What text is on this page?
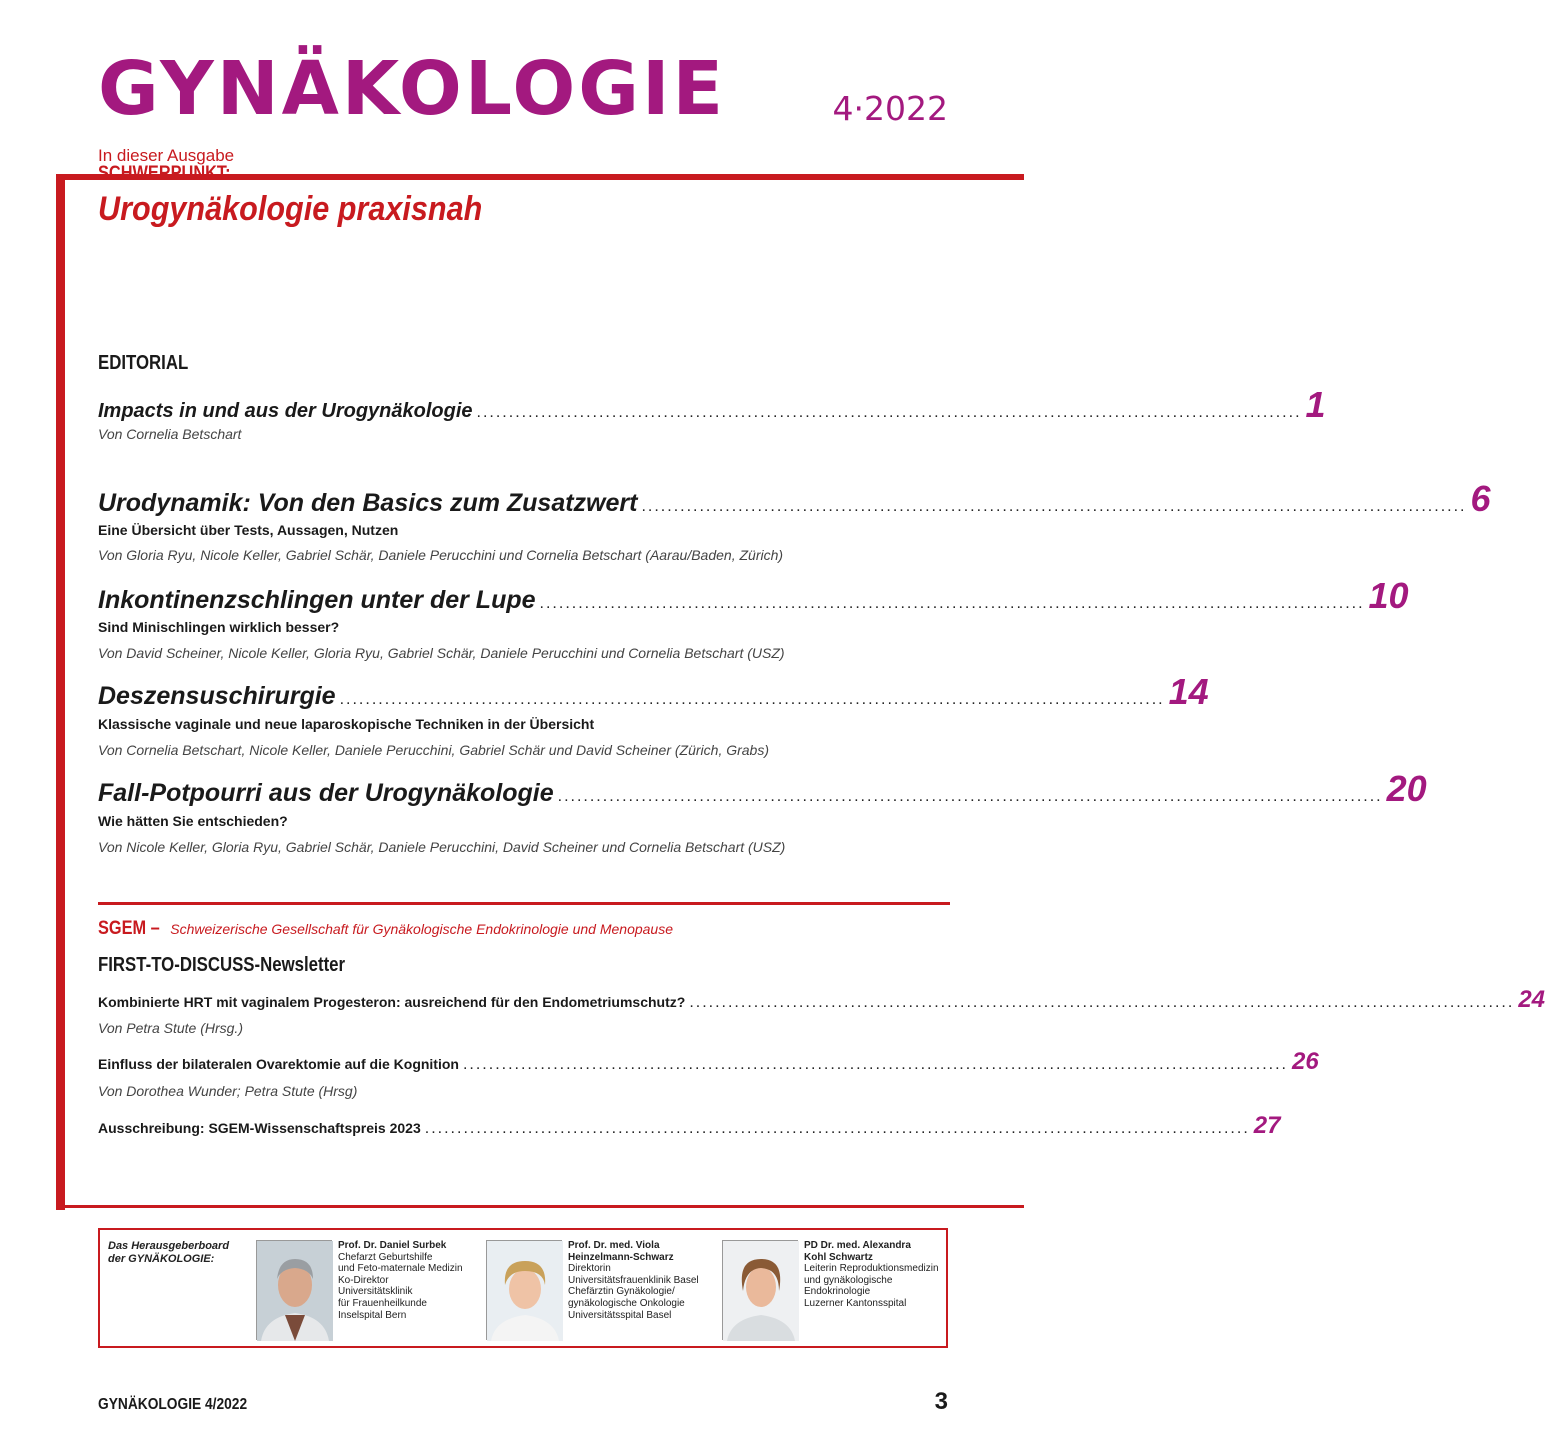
GYNÄKOLOGIE	4·2022
In dieser Ausgabe
SCHWERPUNKT:
Urogynäkologie praxisnah
EDITORIAL
Impacts in und aus der Urogynäkologie ................................................................................................................................ 1
Von Cornelia Betschart
Urodynamik: Von den Basics zum Zusatzwert ................................................................................................................................ 6
Eine Übersicht über Tests, Aussagen, Nutzen
Von Gloria Ryu, Nicole Keller, Gabriel Schär, Daniele Perucchini und Cornelia Betschart (Aarau/Baden, Zürich)
Inkontinenzschlingen unter der Lupe ................................................................................................................................ 10
Sind Minischlingen wirklich besser?
Von David Scheiner, Nicole Keller, Gloria Ryu, Gabriel Schär, Daniele Perucchini und Cornelia Betschart (USZ)
Deszensuschirurgie ................................................................................................................................ 14
Klassische vaginale und neue laparoskopische Techniken in der Übersicht
Von Cornelia Betschart, Nicole Keller, Daniele Perucchini, Gabriel Schär und David Scheiner (Zürich, Grabs)
Fall-Potpourri aus der Urogynäkologie ................................................................................................................................ 20
Wie hätten Sie entschieden?
Von Nicole Keller, Gloria Ryu, Gabriel Schär, Daniele Perucchini, David Scheiner und Cornelia Betschart (USZ)
SGEM – Schweizerische Gesellschaft für Gynäkologische Endokrinologie und Menopause
FIRST-TO-DISCUSS-Newsletter
Kombinierte HRT mit vaginalem Progesteron: ausreichend für den Endometriumschutz? ................................................................................................................................ 24
Von Petra Stute (Hrsg.)
Einfluss der bilateralen Ovarektomie auf die Kognition ................................................................................................................................ 26
Von Dorothea Wunder; Petra Stute (Hrsg)
Ausschreibung: SGEM-Wissenschaftspreis 2023 ................................................................................................................................ 27
Das Herausgeberboard
der GYNÄKOLOGIE:
Prof. Dr. Daniel Surbek
Chefarzt Geburtshilfe
und Feto-maternale Medizin
Ko-Direktor
Universitätsklinik
für Frauenheilkunde
Inselspital Bern
Prof. Dr. med. Viola
Heinzelmann-Schwarz
Direktorin
Universitätsfrauenklinik Basel
Chefärztin Gynäkologie/
gynäkologische Onkologie
Universitätsspital Basel
PD Dr. med. Alexandra
Kohl Schwartz
Leiterin Reproduktionsmedizin
und gynäkologische
Endokrinologie
Luzerner Kantonsspital
GYNÄKOLOGIE 4/2022	3
